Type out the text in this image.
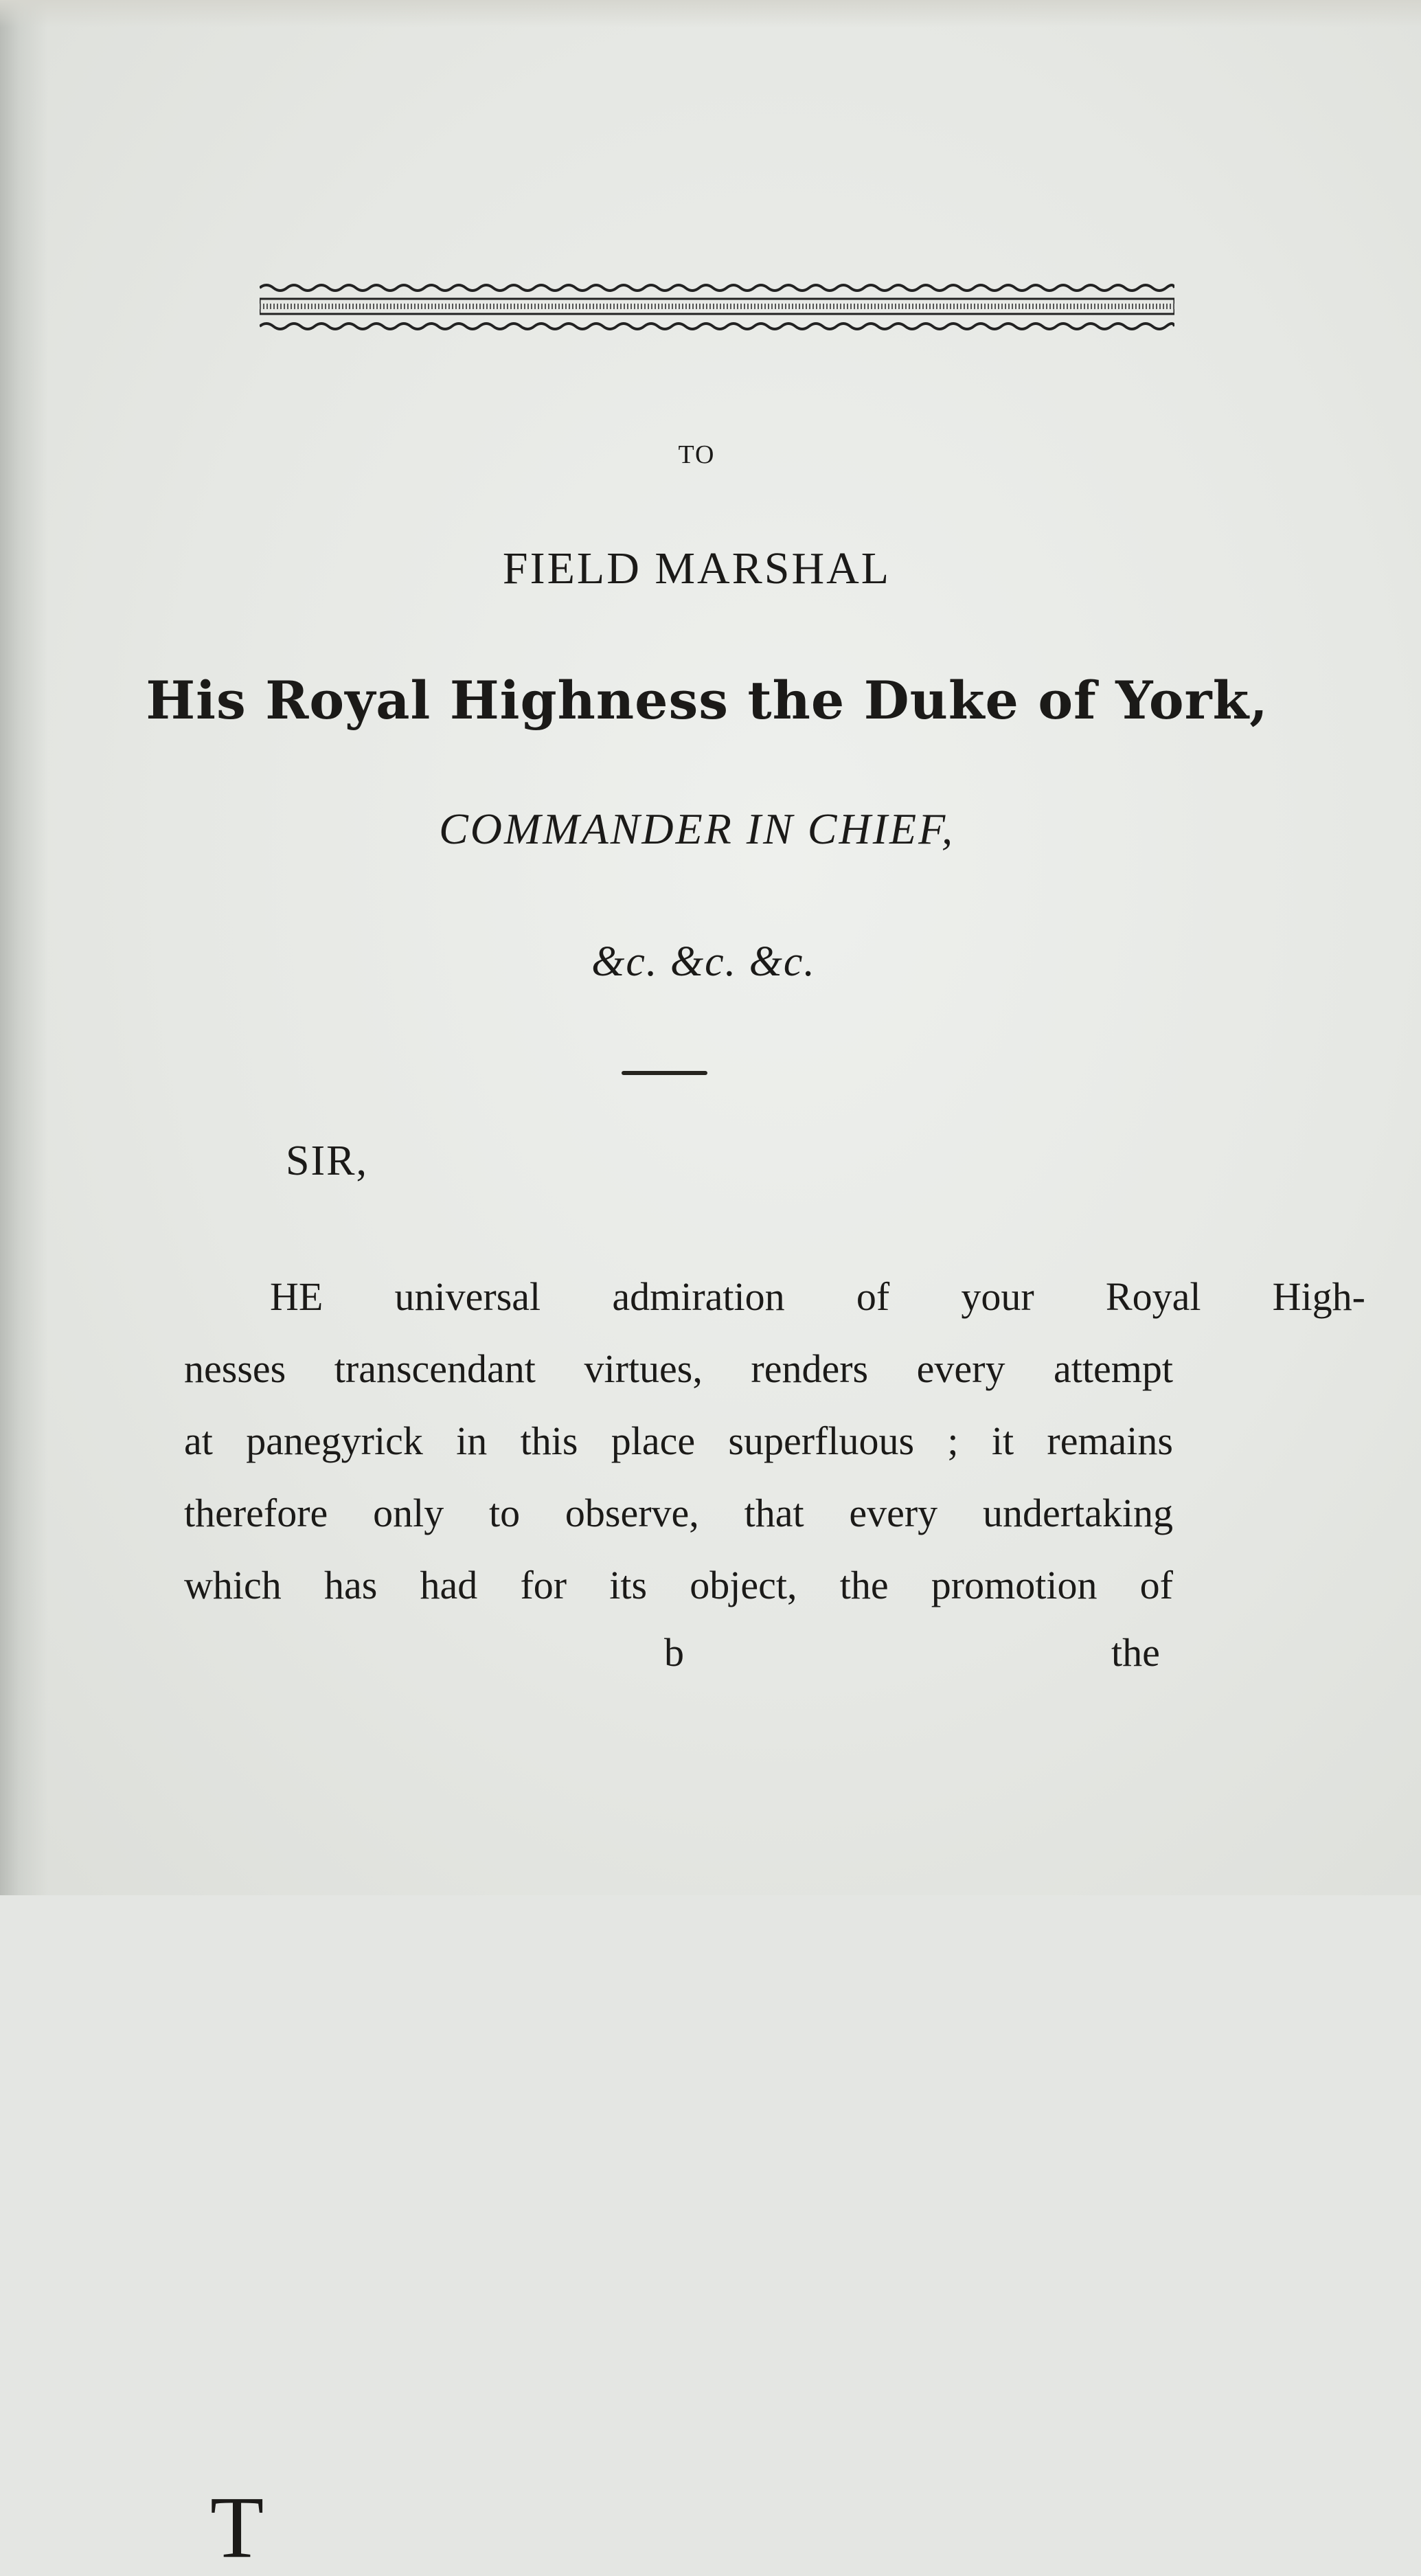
TO
FIELD MARSHAL
His Royal Highness the Duke of York,
COMMANDER IN CHIEF,
&c. &c. &c.
SIR,
T
HE universal admiration of your Royal High-
nesses transcendant virtues, renders every attempt
at panegyrick in this place superfluous ; it remains
therefore only to observe, that every undertaking
which has had for its object, the promotion of
b	the
